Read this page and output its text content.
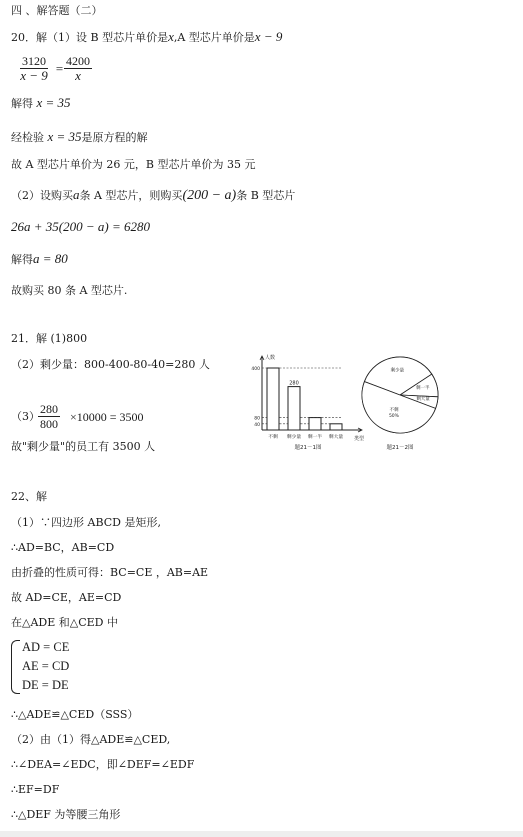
四 、解答题（二）
20．解（1）设 B 型芯片单价是x,A 型芯片单价是x − 9
$\frac{3120}{x - 9} = \frac{4200}{x}$
解得 x = 35
经检验 x = 35是原方程的解
故 A 型芯片单价为 26 元，B 型芯片单价为 35 元
（2）设购买a条 A 型芯片，则购买(200 − a)条 B 型芯片
26a + 35(200 − a) = 6280
解得a = 80
故购买 80 条 A 型芯片.
21．解 (1)800
（2）剩少量：800-400-80-40=280 人
（3）
$\frac{280}{800} \times 10000 = 3500$
故"剩少量"的员工有 3500 人
人数
类型
400
80
40
不剩 剩少量
280
剩一半 剩大量
题21－1图
剩少量
剩一半
剩大量
不剩
50%
题21－2图
22、解
（1）∵四边形 ABCD 是矩形,
∴AD=BC，AB=CD
由折叠的性质可得：BC=CE ，AB=AE
故 AD=CE，AE=CD
在△ADE 和△CED 中
AD = CE
AE = CD
DE = DE
∴△ADE≌△CED（SSS）
（2）由（1）得△ADE≌△CED,
∴∠DEA=∠EDC，即∠DEF=∠EDF
∴EF=DF
∴△DEF 为等腰三角形
